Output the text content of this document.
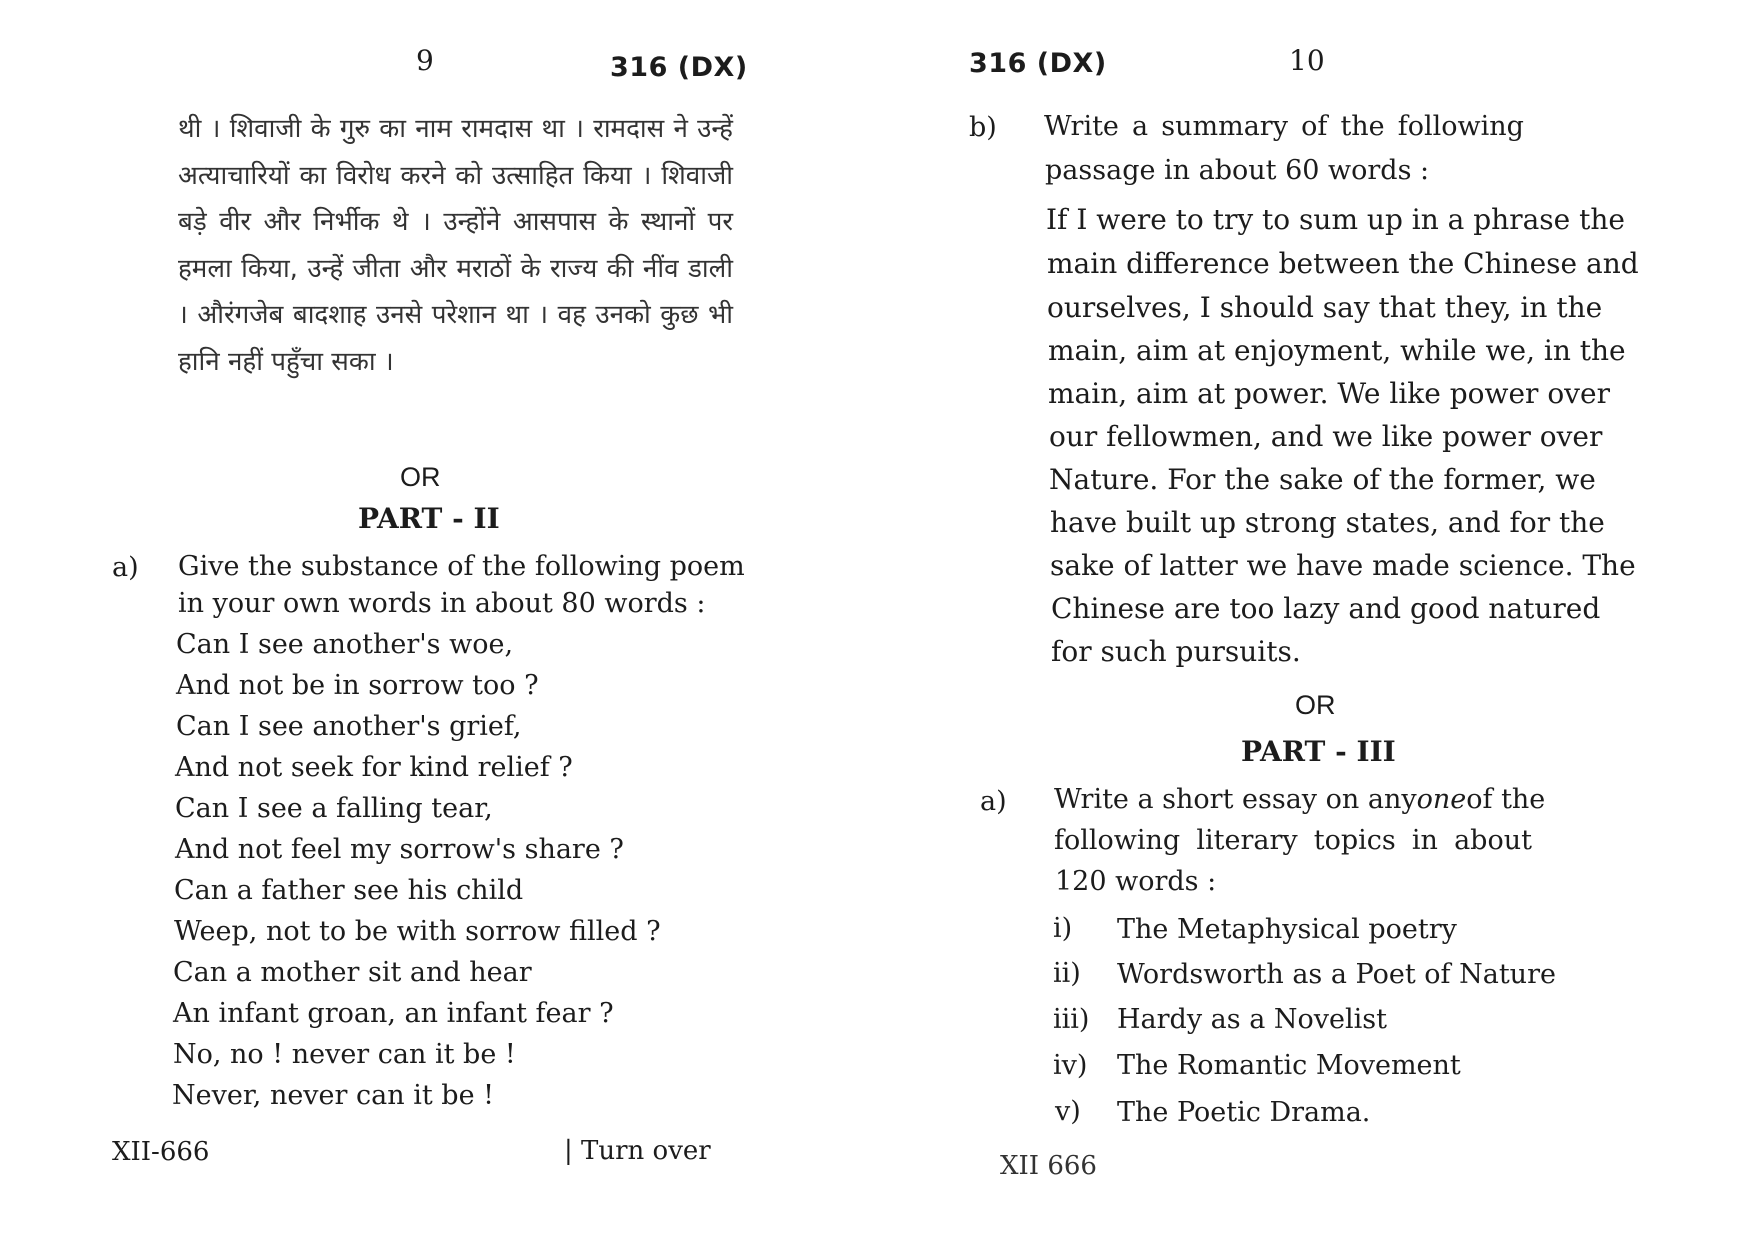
9	316 (DX)
थी । शिवाजी के गुरु का नाम रामदास था । रामदास ने उन्हें अत्याचारियों का विरोध करने को उत्साहित किया । शिवाजी बड़े वीर और निर्भीक थे । उन्होंने आसपास के स्थानों पर हमला किया, उन्हें जीता और मराठों के राज्य की नींव डाली । औरंगजेब बादशाह उनसे परेशान था । वह उनको कुछ भी हानि नहीं पहुँचा सका ।
OR
PART - II
a) Give the substance of the following poem
in your own words in about 80 words :
Can I see another's woe,
And not be in sorrow too ?
Can I see another's grief,
And not seek for kind relief ?
Can I see a falling tear,
And not feel my sorrow's share ?
Can a father see his child
Weep, not to be with sorrow filled ?
Can a mother sit and hear
An infant groan, an infant fear ?
No, no ! never can it be !
Never, never can it be !
XII-666	| Turn over
316 (DX)	10
b) Write a summary of the following
passage in about 60 words :
If I were to try to sum up in a phrase the
main difference between the Chinese and
ourselves, I should say that they, in the
main, aim at enjoyment, while we, in the
main, aim at power. We like power over
our fellowmen, and we like power over
Nature. For the sake of the former, we
have built up strong states, and for the
sake of latter we have made science. The
Chinese are too lazy and good natured
for such pursuits.
OR
PART - III
a) Write a short essay on any one of the
following literary topics in about
120 words :
i) The Metaphysical poetry
ii) Wordsworth as a Poet of Nature
iii) Hardy as a Novelist
iv) The Romantic Movement
v) The Poetic Drama.
XII 666
